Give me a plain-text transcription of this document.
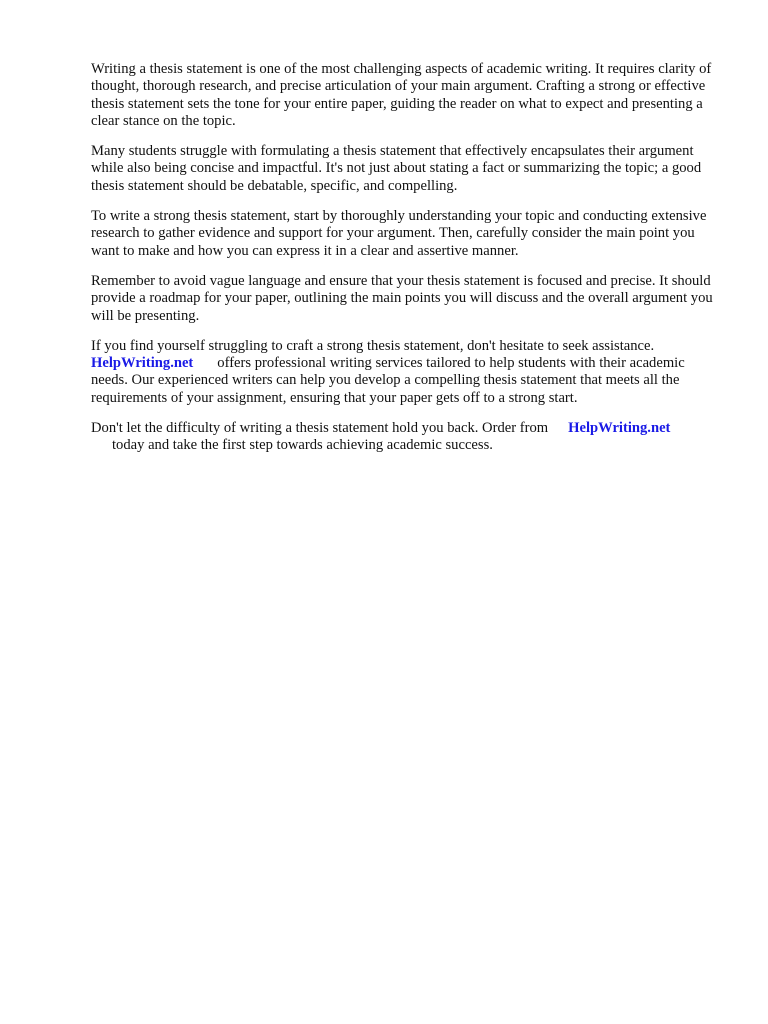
Writing a thesis statement is one of the most challenging aspects of academic writing. It requires clarity of thought, thorough research, and precise articulation of your main argument. Crafting a strong or effective thesis statement sets the tone for your entire paper, guiding the reader on what to expect and presenting a clear stance on the topic.

Many students struggle with formulating a thesis statement that effectively encapsulates their argument while also being concise and impactful. It's not just about stating a fact or summarizing the topic; a good thesis statement should be debatable, specific, and compelling.

To write a strong thesis statement, start by thoroughly understanding your topic and conducting extensive research to gather evidence and support for your argument. Then, carefully consider the main point you want to make and how you can express it in a clear and assertive manner.

Remember to avoid vague language and ensure that your thesis statement is focused and precise. It should provide a roadmap for your paper, outlining the main points you will discuss and the overall argument you will be presenting.

If you find yourself struggling to craft a strong thesis statement, don't hesitate to seek assistance.
HelpWriting.net offers professional writing services tailored to help students with their academic needs. Our experienced writers can help you develop a compelling thesis statement that meets all the requirements of your assignment, ensuring that your paper gets off to a strong start.

Don't let the difficulty of writing a thesis statement hold you back. Order from HelpWriting.net
today and take the first step towards achieving academic success.
